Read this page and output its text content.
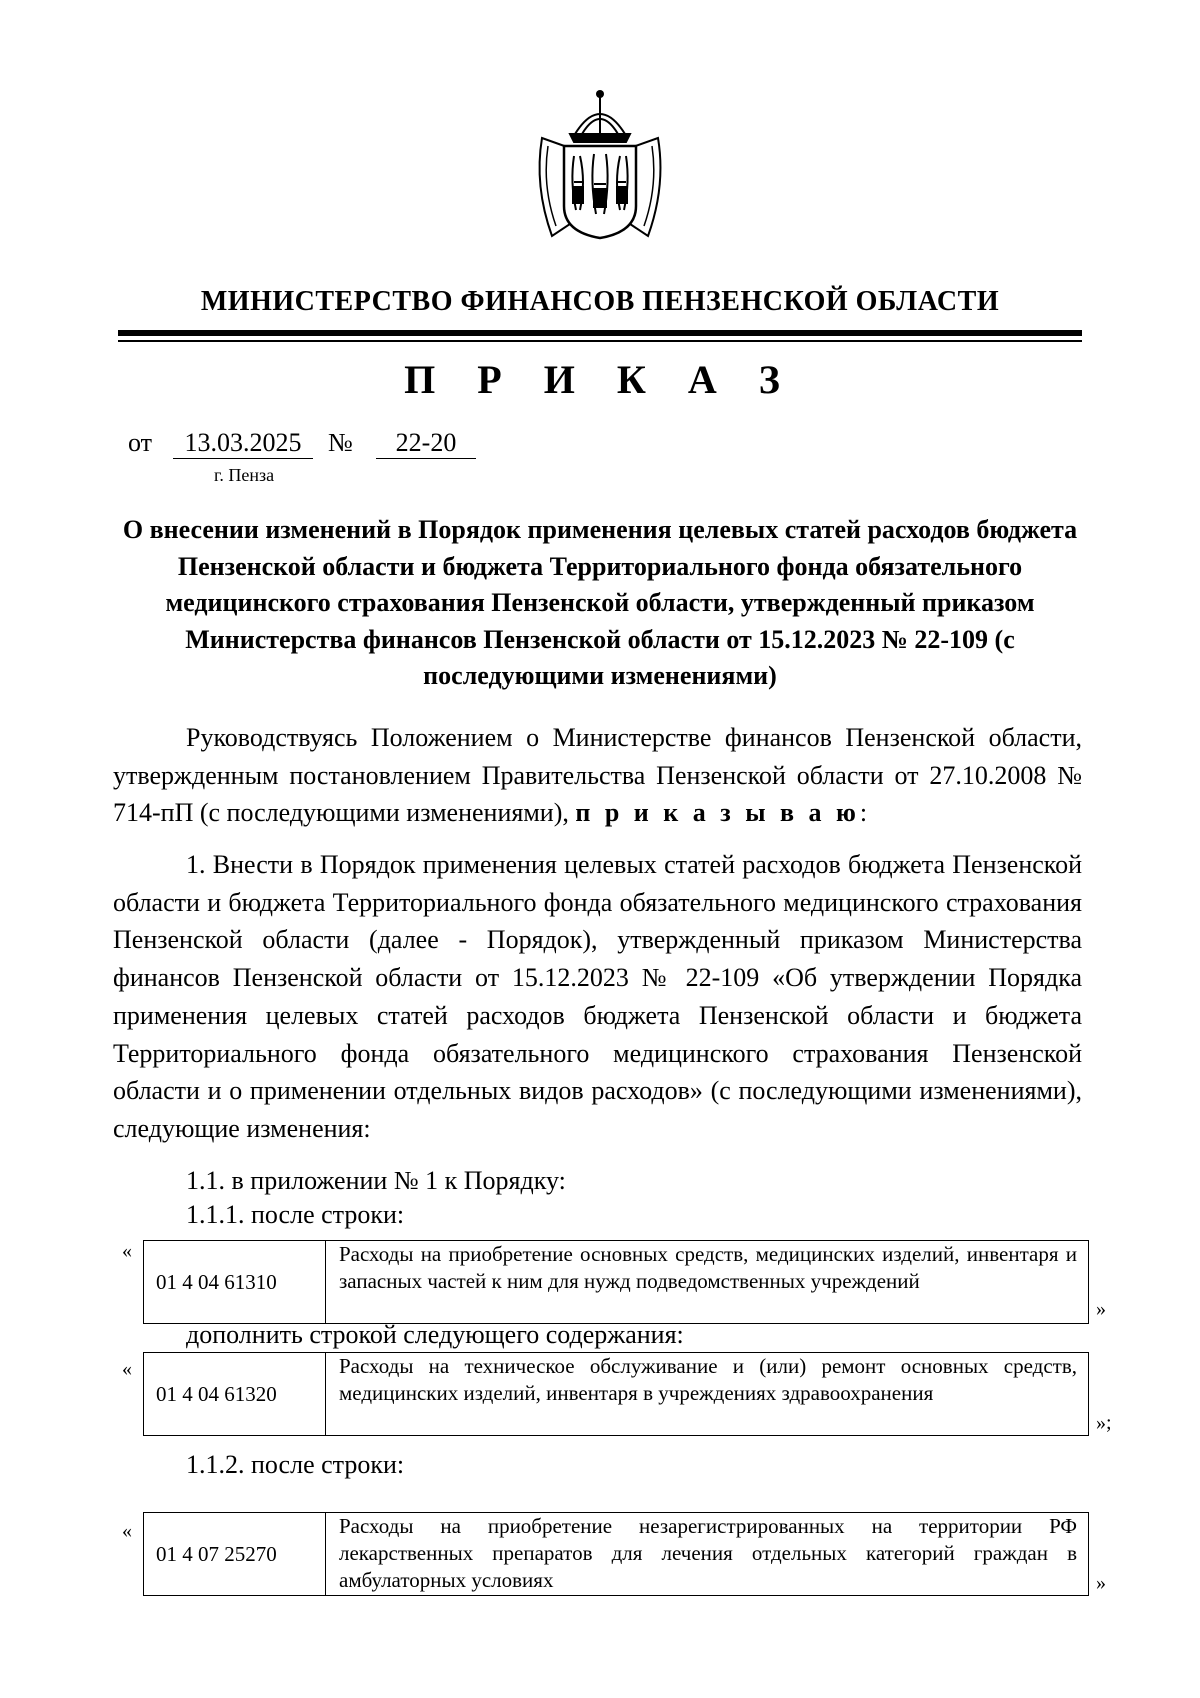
МИНИСТЕРСТВО ФИНАНСОВ ПЕНЗЕНСКОЙ ОБЛАСТИ
П Р И К А З
от	13.03.2025	№	22-20
г. Пенза
О внесении изменений в Порядок применения целевых статей расходов бюджета Пензенской области и бюджета Территориального фонда обязательного медицинского страхования Пензенской области, утвержденный приказом Министерства финансов Пензенской области от 15.12.2023 № 22-109 (с последующими изменениями)

Руководствуясь Положением о Министерстве финансов Пензенской области, утвержденным постановлением Правительства Пензенской области от 27.10.2008 № 714-пП (с последующими изменениями), п р и к а з ы в а ю:

1. Внести в Порядок применения целевых статей расходов бюджета Пензенской области и бюджета Территориального фонда обязательного медицинского страхования Пензенской области (далее - Порядок), утвержденный приказом Министерства финансов Пензенской области от 15.12.2023 № 22-109 «Об утверждении Порядка применения целевых статей расходов бюджета Пензенской области и бюджета Территориального фонда обязательного медицинского страхования Пензенской области и о применении отдельных видов расходов» (с последующими изменениями), следующие изменения:

1.1. в приложении № 1 к Порядку:
1.1.1. после строки:
«
01 4 04 61310
Расходы на приобретение основных средств, медицинских изделий, инвентаря и запасных частей к ним для нужд подведомственных учреждений
»
дополнить строкой следующего содержания:
«
01 4 04 61320
Расходы на техническое обслуживание и (или) ремонт основных средств, медицинских изделий, инвентаря в учреждениях здравоохранения
»;
1.1.2. после строки:
«
01 4 07 25270
Расходы на приобретение незарегистрированных на территории РФ лекарственных препаратов для лечения отдельных категорий граждан в амбулаторных условиях	»
